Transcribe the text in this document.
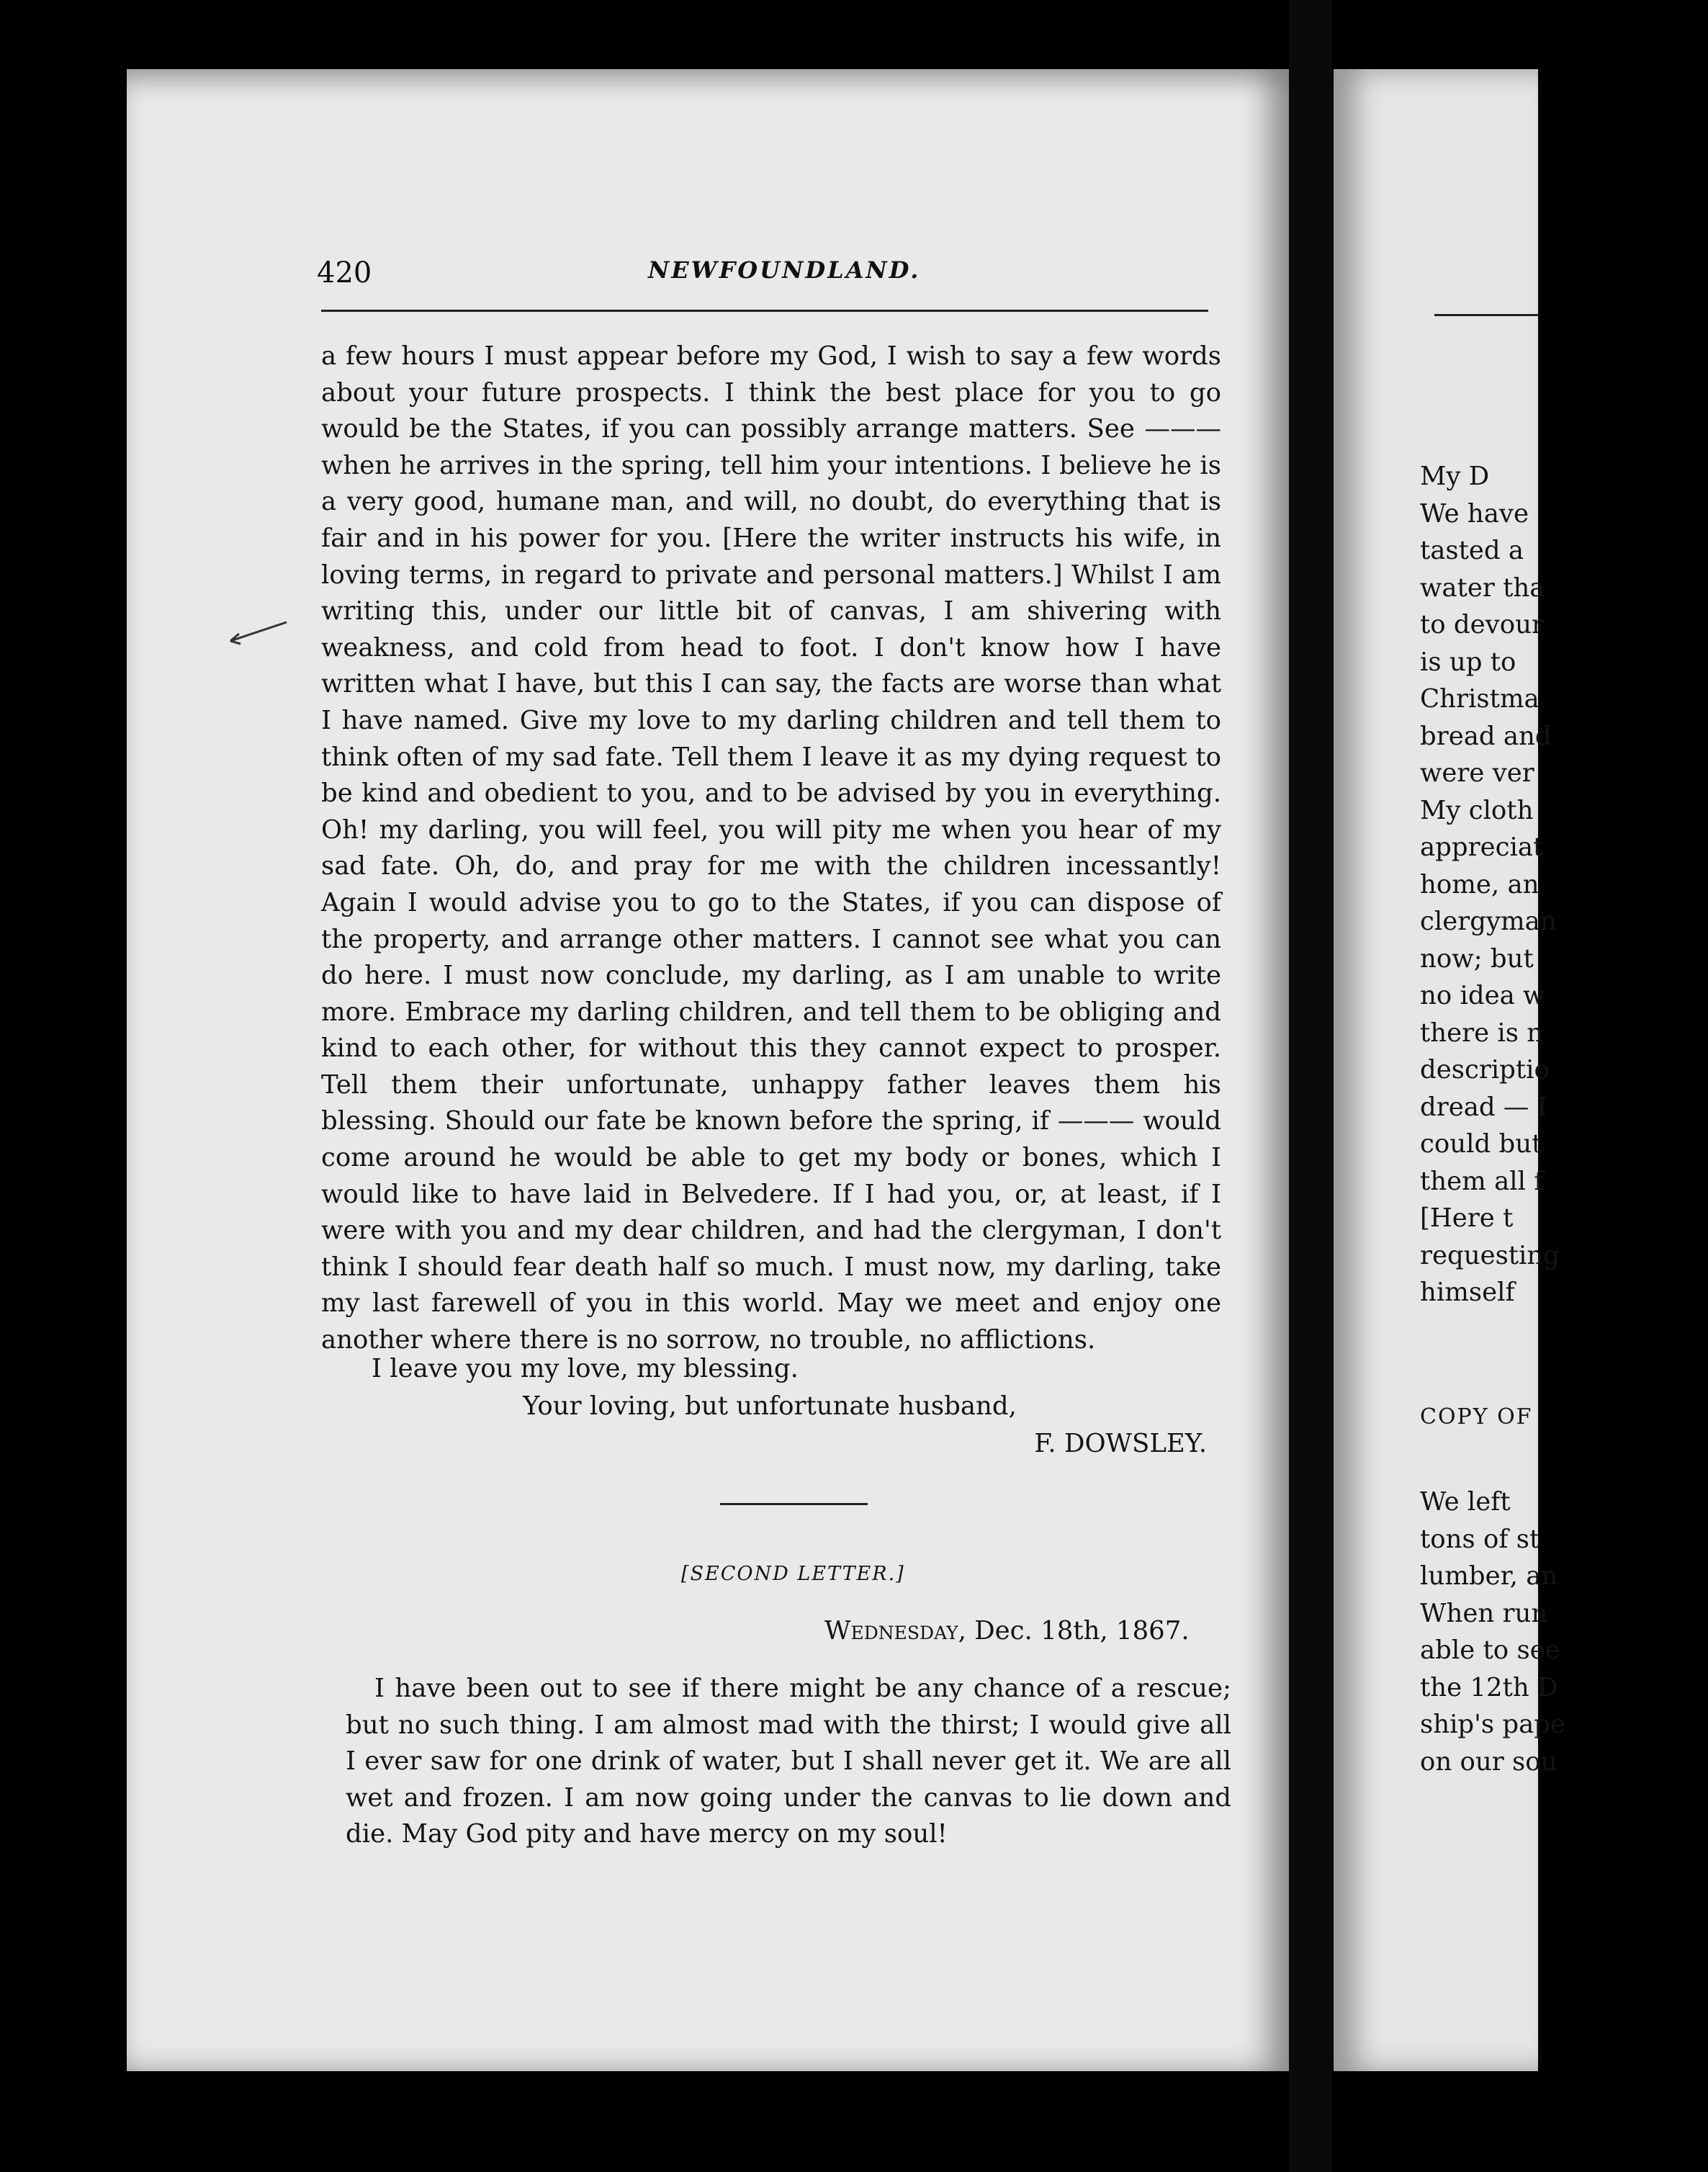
My D
We have
tasted a
water tha
to devour
is up to
Christma
bread and
were ver
My cloth
appreciat
home, an
clergyman
now; but
no idea w
there is n
descriptio
dread — I
could but
them all f
[Here t
requesting
himself
COPY OF
We left
tons of st
lumber, an
When run
able to see
the 12th D
ship's pape
on our sou
420	NEWFOUNDLAND.

a few hours I must appear before my God, I wish to say a few words about your future prospects. I think the best place for you to go would be the States, if you can possibly arrange matters. See ——— when he arrives in the spring, tell him your intentions. I believe he is a very good, humane man, and will, no doubt, do everything that is fair and in his power for you. [Here the writer instructs his wife, in loving terms, in regard to private and personal matters.] Whilst I am writing this, under our little bit of canvas, I am shivering with weakness, and cold from head to foot. I don't know how I have written what I have, but this I can say, the facts are worse than what I have named. Give my love to my darling children and tell them to think often of my sad fate. Tell them I leave it as my dying request to be kind and obedient to you, and to be advised by you in everything. Oh! my darling, you will feel, you will pity me when you hear of my sad fate. Oh, do, and pray for me with the children incessantly! Again I would advise you to go to the States, if you can dispose of the property, and arrange other matters. I cannot see what you can do here. I must now conclude, my darling, as I am unable to write more. Embrace my darling children, and tell them to be obliging and kind to each other, for without this they cannot expect to prosper. Tell them their unfortunate, unhappy father leaves them his blessing. Should our fate be known before the spring, if ——— would come around he would be able to get my body or bones, which I would like to have laid in Belvedere. If I had you, or, at least, if I were with you and my dear children, and had the clergyman, I don't think I should fear death half so much. I must now, my darling, take my last farewell of you in this world. May we meet and enjoy one another where there is no sorrow, no trouble, no afflictions.

I leave you my love, my blessing.
Your loving, but unfortunate husband,
F. DOWSLEY.
[SECOND LETTER.]
Wednesday, Dec. 18th, 1867.

I have been out to see if there might be any chance of a rescue; but no such thing. I am almost mad with the thirst; I would give all I ever saw for one drink of water, but I shall never get it. We are all wet and frozen. I am now going under the canvas to lie down and die. May God pity and have mercy on my soul!
